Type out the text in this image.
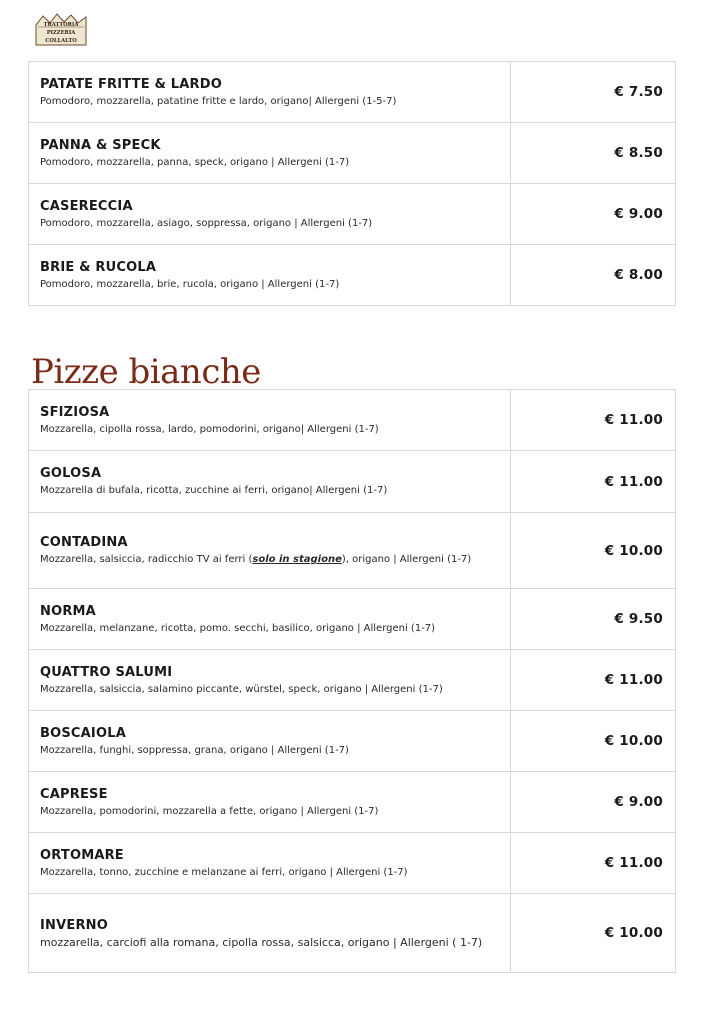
TRATTORIA
PIZZERIA
COLLALTO
PATATE FRITTE & LARDO
Pomodoro, mozzarella, patatine fritte e lardo, origano| Allergeni (1-5-7)	€ 7.50

PANNA & SPECK
Pomodoro, mozzarella, panna, speck, origano | Allergeni (1-7)	€ 8.50

CASERECCIA
Pomodoro, mozzarella, asiago, soppressa, origano | Allergeni (1-7)	€ 9.00

BRIE & RUCOLA
Pomodoro, mozzarella, brie, rucola, origano | Allergeni (1-7)	€ 8.00
Pizze bianche
SFIZIOSA
Mozzarella, cipolla rossa, lardo, pomodorini, origano| Allergeni (1-7)	€ 11.00

GOLOSA
Mozzarella di bufala, ricotta, zucchine ai ferri, origano| Allergeni (1-7)	€ 11.00

CONTADINA
Mozzarella, salsiccia, radicchio TV ai ferri (solo in stagione), origano | Allergeni (1-7)	€ 10.00

NORMA
Mozzarella, melanzane, ricotta, pomo. secchi, basilico, origano | Allergeni (1-7)	€ 9.50

QUATTRO SALUMI
Mozzarella, salsiccia, salamino piccante, würstel, speck, origano | Allergeni (1-7)	€ 11.00

BOSCAIOLA
Mozzarella, funghi, soppressa, grana, origano | Allergeni (1-7)	€ 10.00

CAPRESE
Mozzarella, pomodorini, mozzarella a fette, origano | Allergeni (1-7)	€ 9.00

ORTOMARE
Mozzarella, tonno, zucchine e melanzane ai ferri, origano | Allergeni (1-7)	€ 11.00

INVERNO
mozzarella, carciofi alla romana, cipolla rossa, salsicca, origano | Allergeni ( 1-7)	€ 10.00
